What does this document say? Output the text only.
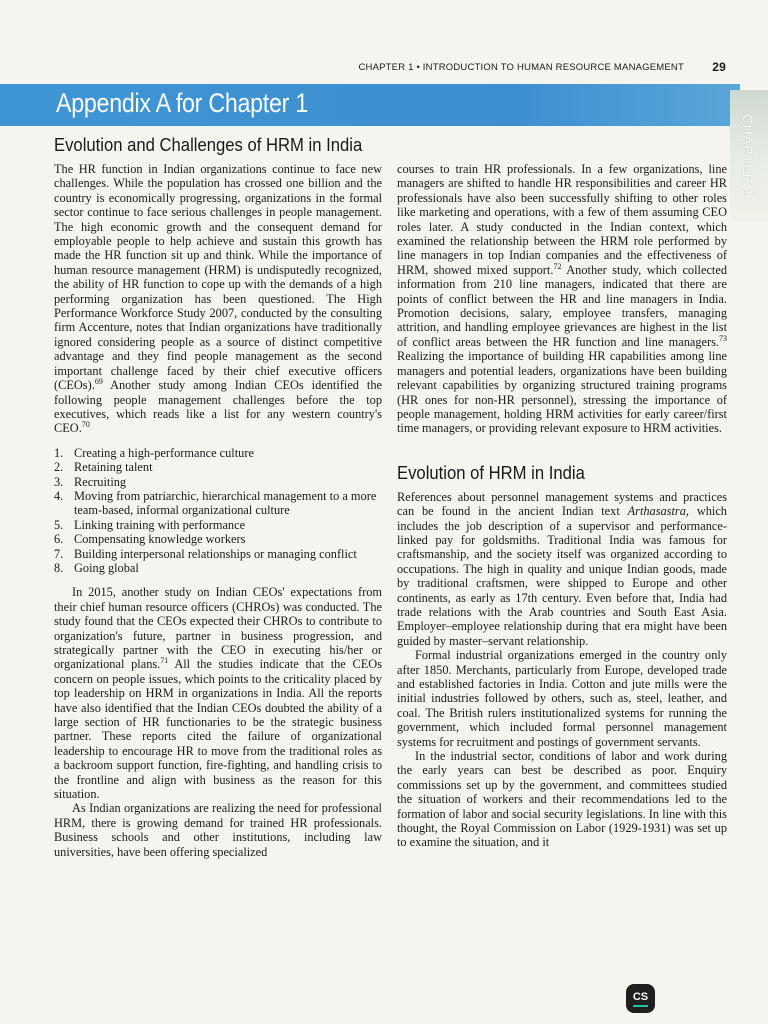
CHAPTER 1 • INTRODUCTION TO HUMAN RESOURCE MANAGEMENT 29
Appendix A for Chapter 1
CHAPTER 1
Evolution and Challenges of HRM in India

The HR function in Indian organizations continue to face new challenges. While the population has crossed one billion and the country is economically progressing, organizations in the formal sector continue to face serious challenges in people management. The high economic growth and the consequent demand for employable people to help achieve and sustain this growth has made the HR function sit up and think. While the importance of human resource management (HRM) is undisputedly recognized, the ability of HR function to cope up with the demands of a high performing organization has been questioned. The High Performance Workforce Study 2007, conducted by the consulting firm Accenture, notes that Indian organizations have traditionally ignored considering people as a source of distinct competitive advantage and they find people management as the second important challenge faced by their chief executive officers (CEOs).$^{69}$ Another study among Indian CEOs identified the following people management challenges before the top executives, which reads like a list for any western country's CEO.$^{70}$

1. Creating a high-performance culture
2. Retaining talent
3. Recruiting
4. Moving from patriarchic, hierarchical management to a more team-based, informal organizational culture
5. Linking training with performance
6. Compensating knowledge workers
7. Building interpersonal relationships or managing conflict
8. Going global

In 2015, another study on Indian CEOs' expectations from their chief human resource officers (CHROs) was conducted. The study found that the CEOs expected their CHROs to contribute to organization's future, partner in business progression, and strategically partner with the CEO in executing his/her or organizational plans.$^{71}$ All the studies indicate that the CEOs concern on people issues, which points to the criticality placed by top leadership on HRM in organizations in India. All the reports have also identified that the Indian CEOs doubted the ability of a large section of HR functionaries to be the strategic business partner. These reports cited the failure of organizational leadership to encourage HR to move from the traditional roles as a backroom support function, fire-fighting, and handling crisis to the frontline and align with business as the reason for this situation.

As Indian organizations are realizing the need for professional HRM, there is growing demand for trained HR professionals. Business schools and other institutions, including law universities, have been offering specialized

courses to train HR professionals. In a few organizations, line managers are shifted to handle HR responsibilities and career HR professionals have also been successfully shifting to other roles like marketing and operations, with a few of them assuming CEO roles later. A study conducted in the Indian context, which examined the relationship between the HRM role performed by line managers in top Indian companies and the effectiveness of HRM, showed mixed support.$^{72}$ Another study, which collected information from 210 line managers, indicated that there are points of conflict between the HR and line managers in India. Promotion decisions, salary, employee transfers, managing attrition, and handling employee grievances are highest in the list of conflict areas between the HR function and line managers.$^{73}$ Realizing the importance of building HR capabilities among line managers and potential leaders, organizations have been building relevant capabilities by organizing structured training programs (HR ones for non-HR personnel), stressing the importance of people management, holding HRM activities for early career/first time managers, or providing relevant exposure to HRM activities.

Evolution of HRM in India

References about personnel management systems and practices can be found in the ancient Indian text Arthasastra, which includes the job description of a supervisor and performance-linked pay for goldsmiths. Traditional India was famous for craftsmanship, and the society itself was organized according to occupations. The high in quality and unique Indian goods, made by traditional craftsmen, were shipped to Europe and other continents, as early as 17th century. Even before that, India had trade relations with the Arab countries and South East Asia. Employer–employee relationship during that era might have been guided by master–servant relationship.

Formal industrial organizations emerged in the country only after 1850. Merchants, particularly from Europe, developed trade and established factories in India. Cotton and jute mills were the initial industries followed by others, such as, steel, leather, and coal. The British rulers institutionalized systems for running the government, which included formal personnel management systems for recruitment and postings of government servants.

In the industrial sector, conditions of labor and work during the early years can best be described as poor. Enquiry commissions set up by the government, and committees studied the situation of workers and their recommendations led to the formation of labor and social security legislations. In line with this thought, the Royal Commission on Labor (1929-1931) was set up to examine the situation, and it

CS
